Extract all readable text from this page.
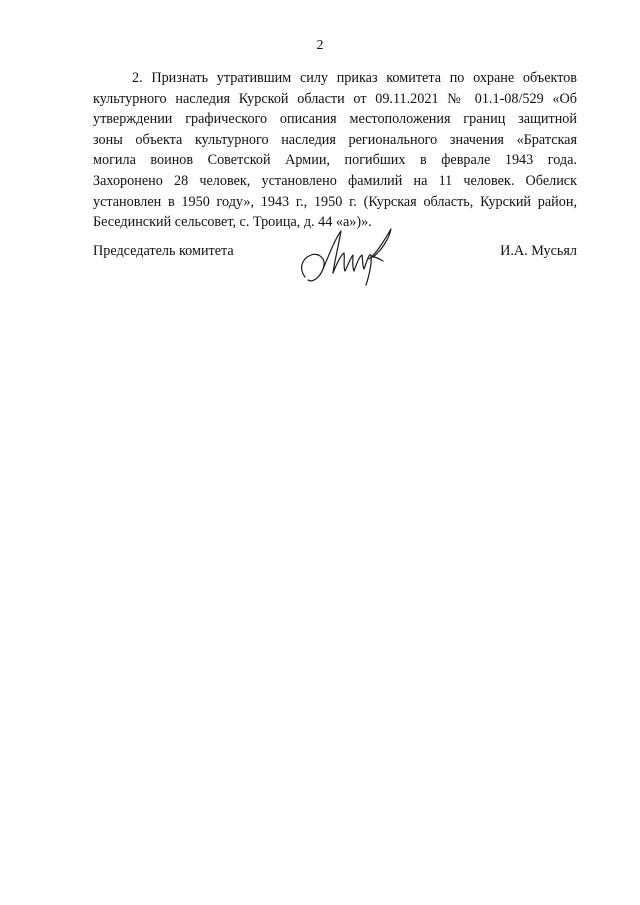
2
2. Признать утратившим силу приказ комитета по охране объектов
культурного наследия Курской области от 09.11.2021 № 01.1-08/529 «Об
утверждении графического описания местоположения границ защитной
зоны объекта культурного наследия регионального значения «Братская
могила воинов Советской Армии, погибших в феврале 1943 года.
Захоронено 28 человек, установлено фамилий на 11 человек. Обелиск
установлен в 1950 году», 1943 г., 1950 г. (Курская область, Курский район,
Бесединский сельсовет, с. Троица, д. 44 «а»)».
Председатель комитета	И.А. Мусьял
